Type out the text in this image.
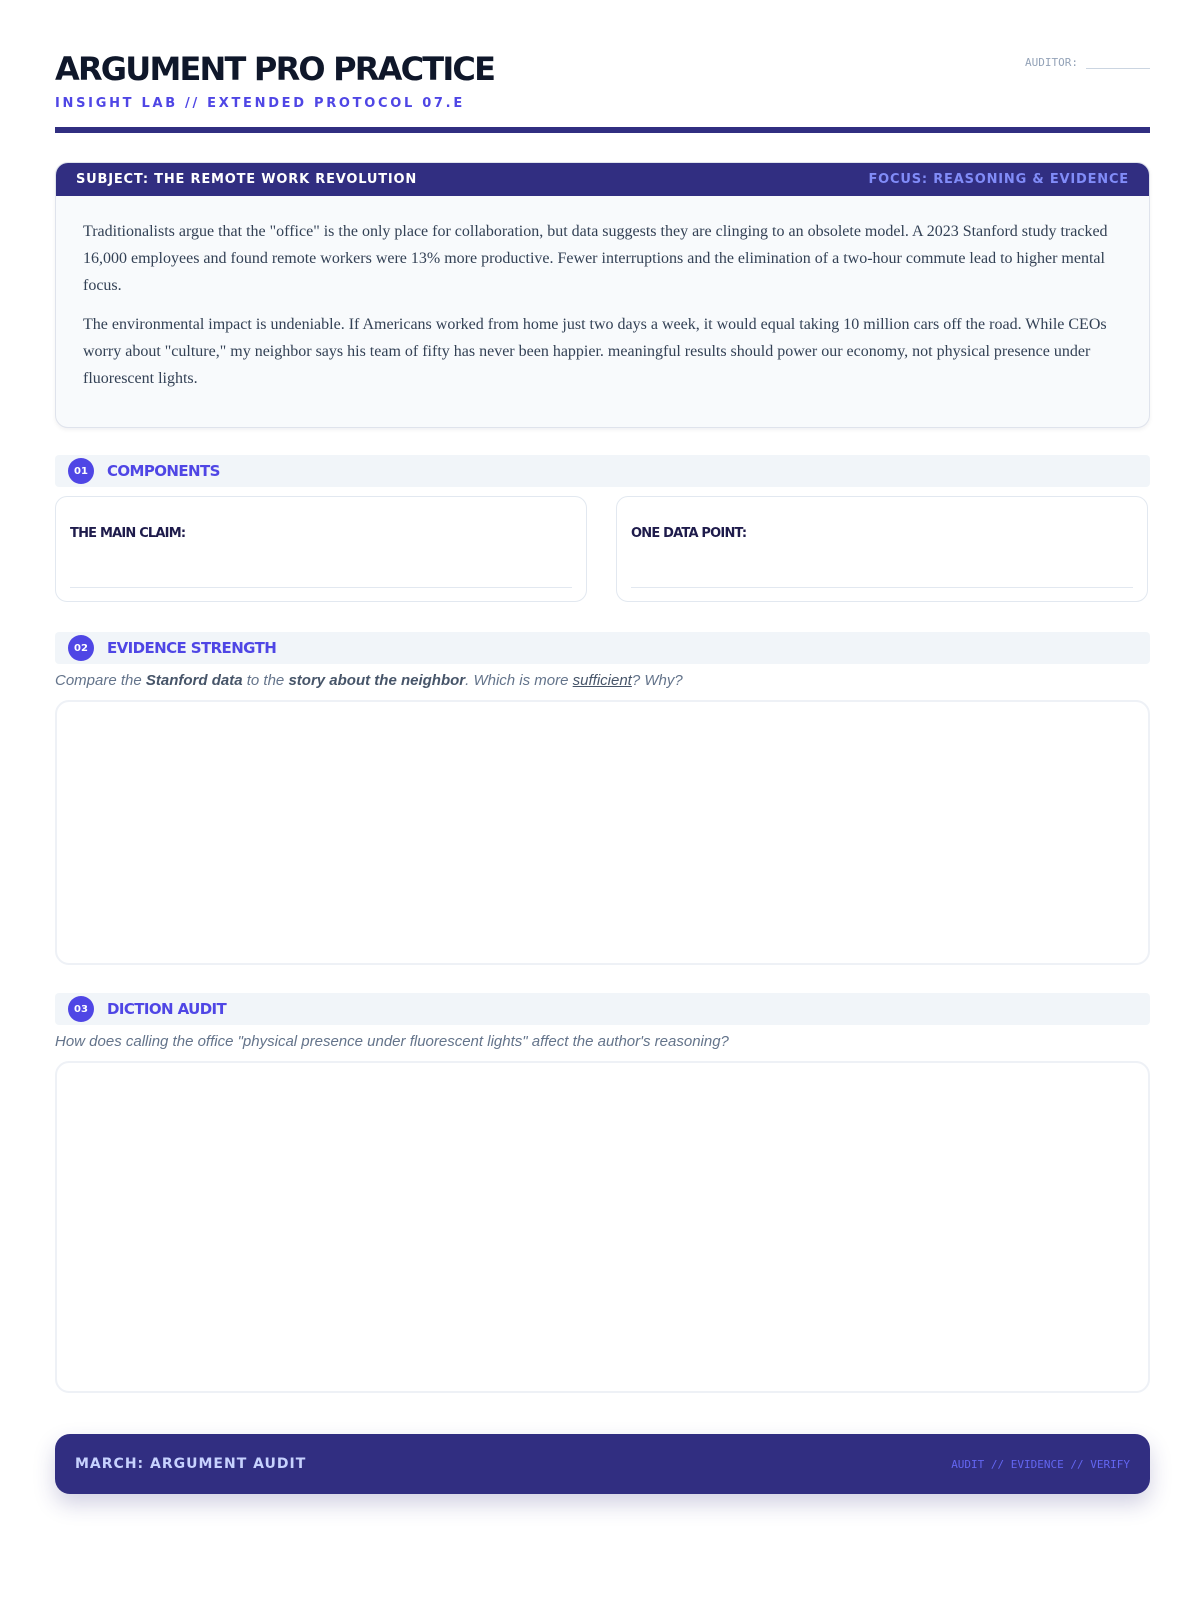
ARGUMENT PRO PRACTICE
INSIGHT LAB // EXTENDED PROTOCOL 07.E
AUDITOR:
SUBJECT: THE REMOTE WORK REVOLUTION	FOCUS: REASONING & EVIDENCE

Traditionalists argue that the "office" is the only place for collaboration, but data suggests they are clinging to an obsolete model. A 2023 Stanford study tracked 16,000 employees and found remote workers were 13% more productive. Fewer interruptions and the elimination of a two-hour commute lead to higher mental focus.

The environmental impact is undeniable. If Americans worked from home just two days a week, it would equal taking 10 million cars off the road. While CEOs worry about "culture," my neighbor says his team of fifty has never been happier. meaningful results should power our economy, not physical presence under fluorescent lights.

01	COMPONENTS
THE MAIN CLAIM:	ONE DATA POINT:
02	EVIDENCE STRENGTH
Compare the Stanford data to the story about the neighbor. Which is more sufficient? Why?
03	DICTION AUDIT
How does calling the office "physical presence under fluorescent lights" affect the author's reasoning?
MARCH: ARGUMENT AUDIT	AUDIT // EVIDENCE // VERIFY
